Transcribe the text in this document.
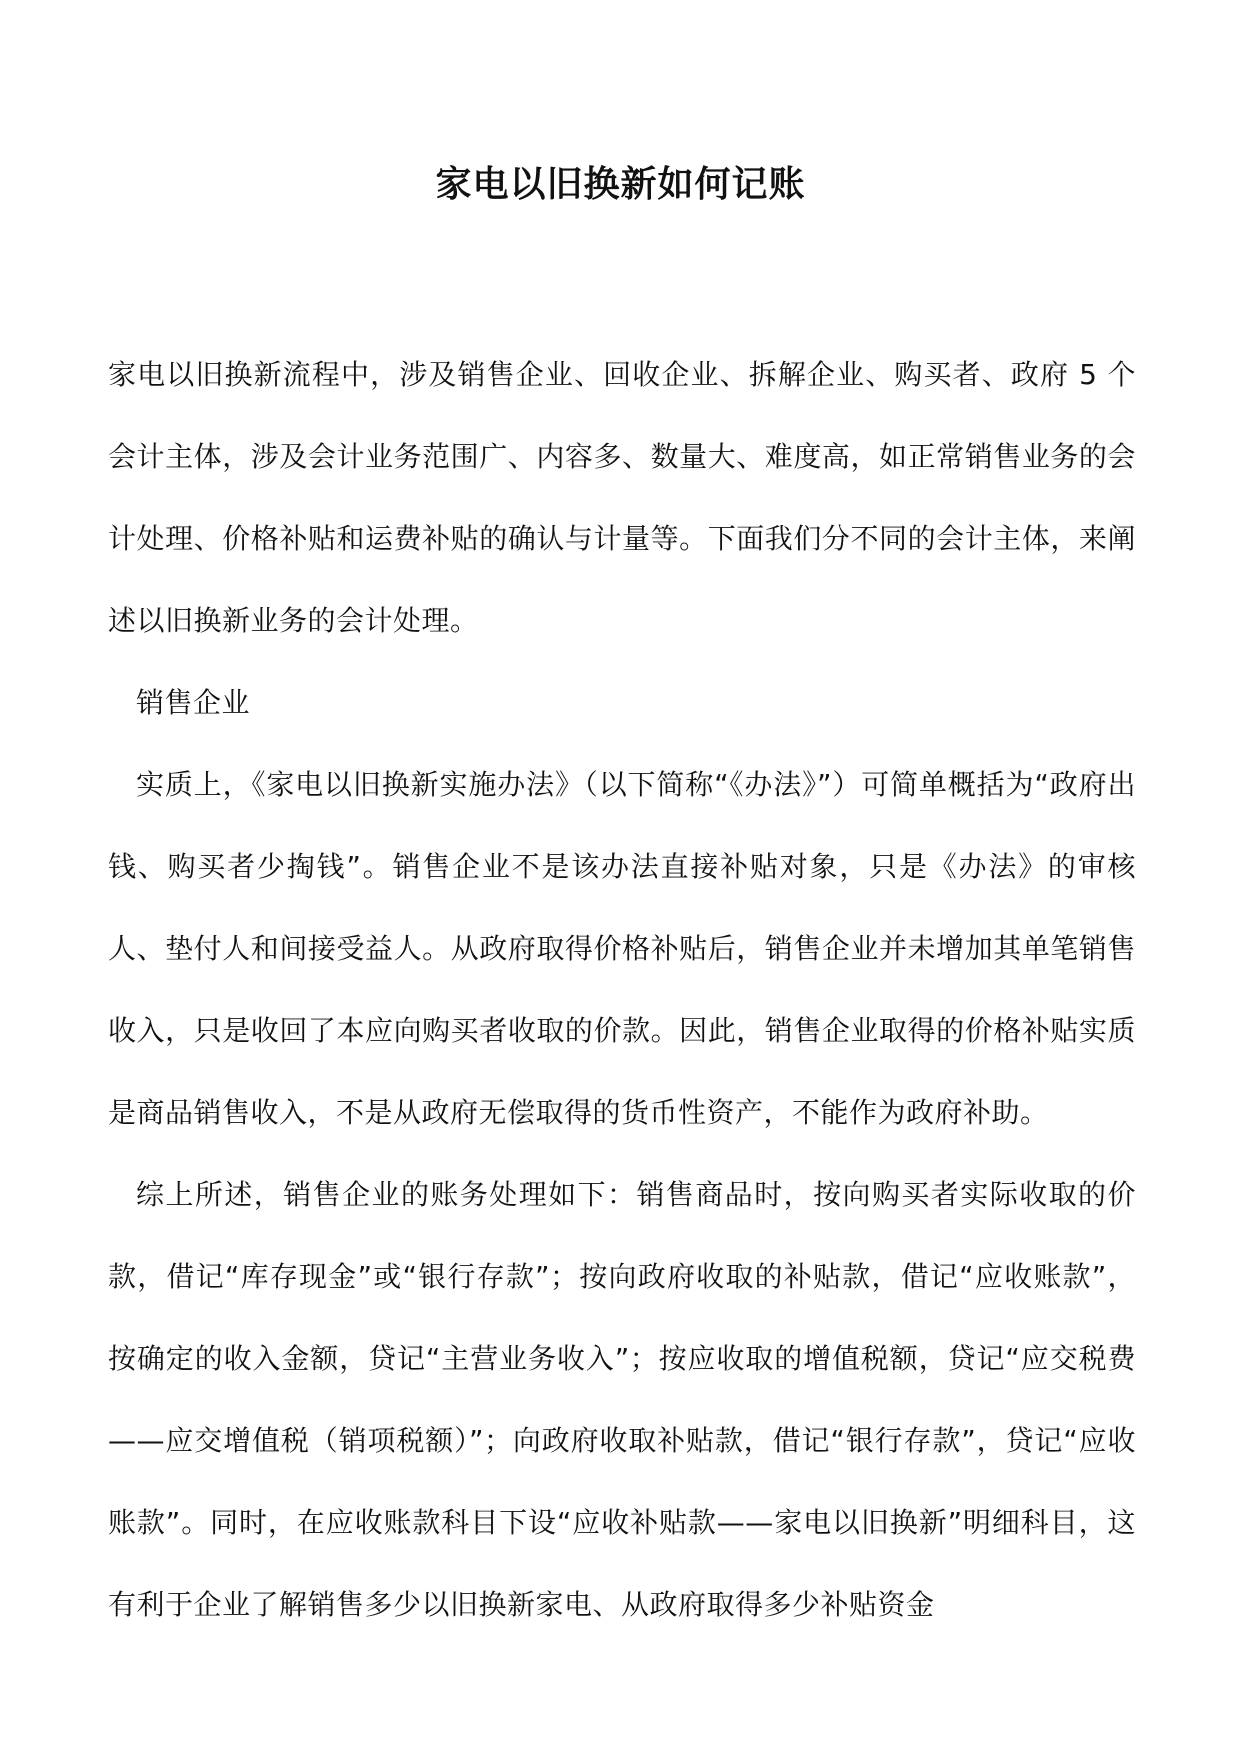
家电以旧换新如何记账

家电以旧换新流程中，涉及销售企业、回收企业、拆解企业、购买者、政府 5 个会计主体，涉及会计业务范围广、内容多、数量大、难度高，如正常销售业务的会计处理、价格补贴和运费补贴的确认与计量等。下面我们分不同的会计主体，来阐述以旧换新业务的会计处理。

销售企业

实质上，《家电以旧换新实施办法》（以下简称“《办法》”）可简单概括为“政府出钱、购买者少掏钱”。销售企业不是该办法直接补贴对象，只是《办法》的审核人、垫付人和间接受益人。从政府取得价格补贴后，销售企业并未增加其单笔销售收入，只是收回了本应向购买者收取的价款。因此，销售企业取得的价格补贴实质是商品销售收入，不是从政府无偿取得的货币性资产，不能作为政府补助。

综上所述，销售企业的账务处理如下：销售商品时，按向购买者实际收取的价款，借记“库存现金”或“银行存款”；按向政府收取的补贴款，借记“应收账款”，按确定的收入金额，贷记“主营业务收入”；按应收取的增值税额，贷记“应交税费——应交增值税（销项税额）”；向政府收取补贴款，借记“银行存款”，贷记“应收账款”。同时，在应收账款科目下设“应收补贴款——家电以旧换新”明细科目，这有利于企业了解销售多少以旧换新家电、从政府取得多少补贴资金
